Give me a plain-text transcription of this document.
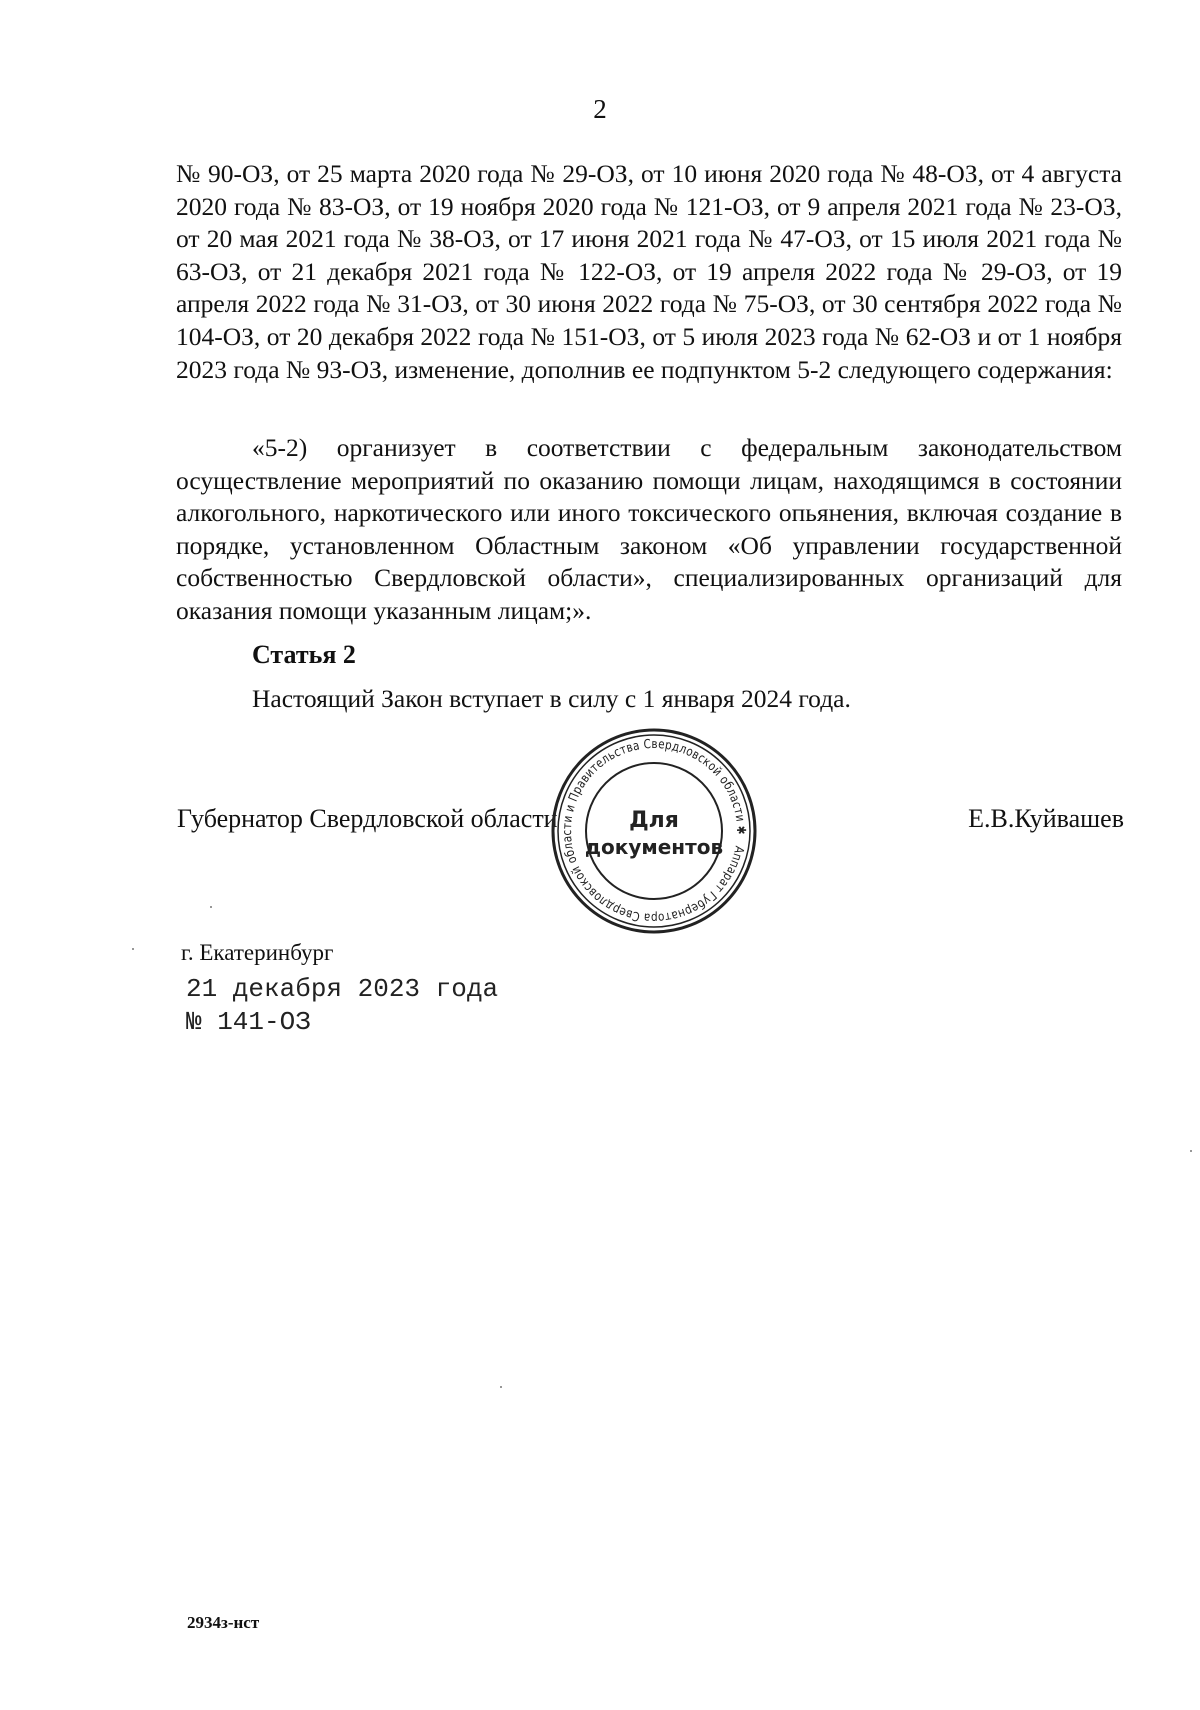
2

№ 90-ОЗ, от 25 марта 2020 года № 29-ОЗ, от 10 июня 2020 года № 48-ОЗ, от 4 августа 2020 года № 83-ОЗ, от 19 ноября 2020 года № 121-ОЗ, от 9 апреля 2021 года № 23-ОЗ, от 20 мая 2021 года № 38-ОЗ, от 17 июня 2021 года № 47-ОЗ, от 15 июля 2021 года № 63-ОЗ, от 21 декабря 2021 года № 122-ОЗ, от 19 апреля 2022 года № 29-ОЗ, от 19 апреля 2022 года № 31-ОЗ, от 30 июня 2022 года № 75-ОЗ, от 30 сентября 2022 года № 104-ОЗ, от 20 декабря 2022 года № 151-ОЗ, от 5 июля 2023 года № 62-ОЗ и от 1 ноября 2023 года № 93-ОЗ, изменение, дополнив ее подпунктом 5-2 следующего содержания:

«5-2) организует в соответствии с федеральным законодательством осуществление мероприятий по оказанию помощи лицам, находящимся в состоянии алкогольного, наркотического или иного токсического опьянения, включая создание в порядке, установленном Областным законом «Об управлении государственной собственностью Свердловской области», специализированных организаций для оказания помощи указанным лицам;».

Статья 2
Настоящий Закон вступает в силу с 1 января 2024 года.
Губернатор Свердловской области	Е.В.Куйвашев
Аппарат Губернатора Свердловской области и Правительства Свердловской области ✱
Для
документов
г. Екатеринбург
21 декабря 2023 года
№ 141-ОЗ
2934з-нст
